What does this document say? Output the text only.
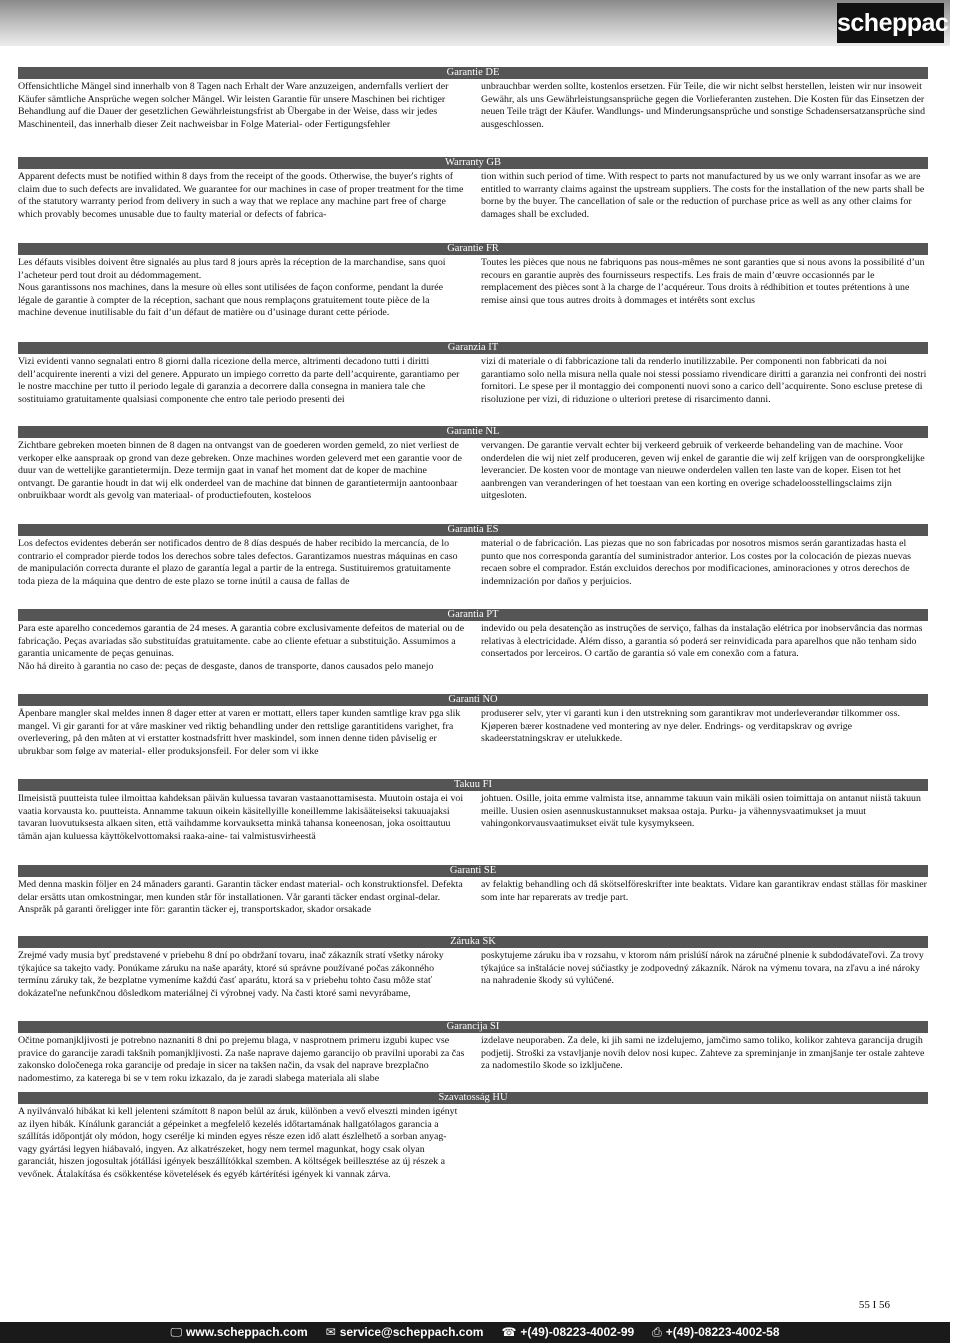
scheppach
Garantie DE
Offensichtliche Mängel sind innerhalb von 8 Tagen nach Erhalt der Ware anzuzeigen, andernfalls verliert der Käufer sämtliche Ansprüche wegen solcher Mängel. Wir leisten Garantie für unsere Maschinen bei richtiger Behandlung auf die Dauer der gesetzlichen Gewährleistungsfrist ab Übergabe in der Weise, dass wir jedes Maschinenteil, das innerhalb dieser Zeit nachweisbar in Folge Material- oder Fertigungsfehler
unbrauchbar werden sollte, kostenlos ersetzen. Für Teile, die wir nicht selbst herstellen, leisten wir nur insoweit Gewähr, als uns Gewährleistungsansprüche gegen die Vorlieferanten zustehen. Die Kosten für das Einsetzen der neuen Teile trägt der Käufer. Wandlungs- und Minderungsansprüche und sonstige Schadensersatzansprüche sind ausgeschlossen.
Warranty GB
Apparent defects must be notified within 8 days from the receipt of the goods. Otherwise, the buyer's rights of claim due to such defects are invalidated. We guarantee for our machines in case of proper treatment for the time of the statutory warranty period from delivery in such a way that we replace any machine part free of charge which provably becomes unusable due to faulty material or defects of fabrica-
tion within such period of time. With respect to parts not manufactured by us we only warrant insofar as we are entitled to warranty claims against the upstream suppliers. The costs for the installation of the new parts shall be borne by the buyer. The cancellation of sale or the reduction of purchase price as well as any other claims for damages shall be excluded.
Garantie FR
Les défauts visibles doivent être signalés au plus tard 8 jours après la réception de la marchandise, sans quoi l’acheteur perd tout droit au dédommagement.
Nous garantissons nos machines, dans la mesure où elles sont utilisées de façon conforme, pendant la durée légale de garantie à compter de la réception, sachant que nous remplaçons gratuitement toute pièce de la machine devenue inutilisable du fait d’un défaut de matière ou d’usinage durant cette période.
Toutes les pièces que nous ne fabriquons pas nous-mêmes ne sont garanties que si nous avons la possibilité d’un recours en garantie auprès des fournisseurs respectifs. Les frais de main d’œuvre occasionnés par le remplacement des pièces sont à la charge de l’acquéreur. Tous droits à rédhibition et toutes prétentions à une remise ainsi que tous autres droits à dommages et intérêts sont exclus
Garanzia IT
Vizi evidenti vanno segnalati entro 8 giorni dalla ricezione della merce, altrimenti decadono tutti i diritti dell’acquirente inerenti a vizi del genere. Appurato un impiego corretto da parte dell’acquirente, garantiamo per le nostre macchine per tutto il periodo legale di garanzia a decorrere dalla consegna in maniera tale che sostituiamo gratuitamente qualsiasi componente che entro tale periodo presenti dei
vizi di materiale o di fabbricazione tali da renderlo inutilizzabile. Per componenti non fabbricati da noi garantiamo solo nella misura nella quale noi stessi possiamo rivendicare diritti a garanzia nei confronti dei nostri fornitori. Le spese per il montaggio dei componenti nuovi sono a carico dell’acquirente. Sono escluse pretese di risoluzione per vizi, di riduzione o ulteriori pretese di risarcimento danni.
Garantie NL
Zichtbare gebreken moeten binnen de 8 dagen na ontvangst van de goederen worden gemeld, zo niet verliest de verkoper elke aanspraak op grond van deze gebreken. Onze machines worden geleverd met een garantie voor de duur van de wettelijke garantietermijn. Deze termijn gaat in vanaf het moment dat de koper de machine ontvangt. De garantie houdt in dat wij elk onderdeel van de machine dat binnen de garantietermijn aantoonbaar onbruikbaar wordt als gevolg van materiaal- of productiefouten, kosteloos
vervangen. De garantie vervalt echter bij verkeerd gebruik of verkeerde behandeling van de machine. Voor onderdelen die wij niet zelf produceren, geven wij enkel de garantie die wij zelf krijgen van de oorsprongkelijke leverancier. De kosten voor de montage van nieuwe onderdelen vallen ten laste van de koper. Eisen tot het aanbrengen van veranderingen of het toestaan van een korting en overige schadeloosstellingsclaims zijn uitgesloten.
Garantía ES
Los defectos evidentes deberán ser notificados dentro de 8 días después de haber recibido la mercancía, de lo contrario el comprador pierde todos los derechos sobre tales defectos. Garantizamos nuestras máquinas en caso de manipulación correcta durante el plazo de garantía legal a partir de la entrega. Sustituiremos gratuitamente toda pieza de la máquina que dentro de este plazo se torne inútil a causa de fallas de
material o de fabricación. Las piezas que no son fabricadas por nosotros mismos serán garantizadas hasta el punto que nos corresponda garantía del suministrador anterior. Los costes por la colocación de piezas nuevas recaen sobre el comprador. Están excluidos derechos por modificaciones, aminoraciones y otros derechos de indemnización por daños y perjuicios.
Garantia PT
Para este aparelho concedemos garantia de 24 meses. A garantia cobre exclusivamente defeitos de material ou de fabricação. Peças avariadas são substituídas gratuitamente. cabe ao cliente efetuar a substituição. Assumimos a garantia unicamente de peças genuinas.
Não há direito à garantia no caso de: peças de desgaste, danos de transporte, danos causados pelo manejo
indevido ou pela desatenção as instruções de serviço, falhas da instalação elétrica por inobservância das normas relativas à electricidade. Além disso, a garantia só poderá ser reinvidicada para aparelhos que não tenham sido consertados por lerceiros. O cartão de garantia só vale em conexão com a fatura.
Garanti NO
Åpenbare mangler skal meldes innen 8 dager etter at varen er mottatt, ellers taper kunden samtlige krav pga slik mangel. Vi gir garanti for at våre maskiner ved riktig behandling under den rettslige garantitidens varighet, fra overlevering, på den måten at vi erstatter kostnadsfritt hver maskindel, som innen denne tiden påviselig er ubrukbar som følge av material- eller produksjonsfeil. For deler som vi ikke
produserer selv, yter vi garanti kun i den utstrekning som garantikrav mot underleverandør tilkommer oss. Kjøperen bærer kostnadene ved montering av nye deler. Endrings- og verditapskrav og øvrige skadeerstatningskrav er utelukkede.
Takuu FI
Ilmeisistä puutteista tulee ilmoittaa kahdeksan päivän kuluessa tavaran vastaanottamisesta. Muutoin ostaja ei voi vaatia korvausta ko. puutteista. Annamme takuun oikein käsitellyille koneillemme lakisääteiseksi takuuajaksi tavaran luovutuksesta alkaen siten, että vaihdamme korvauksetta minkä tahansa koneenosan, joka osoittautuu tämän ajan kuluessa käyttökelvottomaksi raaka-aine- tai valmistusvirheestä
johtuen. Osille, joita emme valmista itse, annamme takuun vain mikäli osien toimittaja on antanut niistä takuun meille. Uusien osien asennuskustannukset maksaa ostaja. Purku- ja vähennysvaatimukset ja muut vahingonkorvausvaatimukset eivät tule kysymykseen.
Garanti SE
Med denna maskin följer en 24 månaders garanti. Garantin täcker endast material- och konstruktionsfel. Defekta delar ersätts utan omkostningar, men kunden står för installationen. Vår garanti täcker endast orginal-delar. Anspråk på garanti öreligger inte för: garantin täcker ej, transportskador, skador orsakade
av felaktig behandling och då skötselföreskrifter inte beaktats. Vidare kan garantikrav endast ställas för maskiner som inte har reparerats av tredje part.
Záruka SK
Zrejmé vady musia byť predstavené v priebehu 8 dní po obdržaní tovaru, inač zákazník stratí všetky nároky týkajúce sa takejto vady. Ponúkame záruku na naše aparáty, ktoré sú správne používané počas zákonného termínu záruky tak, že bezplatne vymeníme každú časť aparátu, ktorá sa v priebehu tohto času môže stať dokázateľne nefunkčnou dôsledkom materiálnej či výrobnej vady. Na časti ktoré sami nevyrábame,
poskytujeme záruku iba v rozsahu, v ktorom nám prislúší nárok na záručné plnenie k subdodávateľovi. Za trovy týkajúce sa inštalácie novej súčiastky je zodpovedný zákazník. Nárok na výmenu tovara, na zľavu a iné nároky na nahradenie škody sú vylúčené.
Garancija SI
Očitne pomanjkljivosti je potrebno naznaniti 8 dni po prejemu blaga, v nasprotnem primeru izgubi kupec vse pravice do garancije zaradi takšnih pomanjkljivosti. Za naše naprave dajemo garancijo ob pravilni uporabi za čas zakonsko določenega roka garancije od predaje in sicer na takšen način, da vsak del naprave brezplačno nadomestimo, za katerega bi se v tem roku izkazalo, da je zaradi slabega materiala ali slabe
izdelave neuporaben. Za dele, ki jih sami ne izdelujemo, jamčimo samo toliko, kolikor zahteva garancija drugih podjetij. Stroški za vstavljanje novih delov nosi kupec. Zahteve za spreminjanje in zmanjšanje ter ostale zahteve za nadomestilo škode so izključene.
Szavatosság HU
A nyilvánvaló hibákat ki kell jelenteni számított 8 napon belül az áruk, különben a vevő elveszti minden igényt az ilyen hibák. Kínálunk garanciát a gépeinket a megfelelő kezelés időtartamának hallgatólagos garancia a szállítás időpontját oly módon, hogy cserélje ki minden egyes része ezen idő alatt észlelhető a sorban anyag-vagy gyártási legyen hiábavaló, ingyen. Az alkatrészeket, hogy nem termel magunkat, hogy csak olyan garanciát, hiszen jogosultak jótállási igények beszállítókkal szemben. A költségek beillesztése az új részek a vevőnek. Átalakítása és csökkentése követelések és egyéb kártérítési igények ki vannak zárva.
55 I 56
🖵 www.scheppach.com ✉ service@scheppach.com ☎ +(49)-08223-4002-99 ⎙ +(49)-08223-4002-58
